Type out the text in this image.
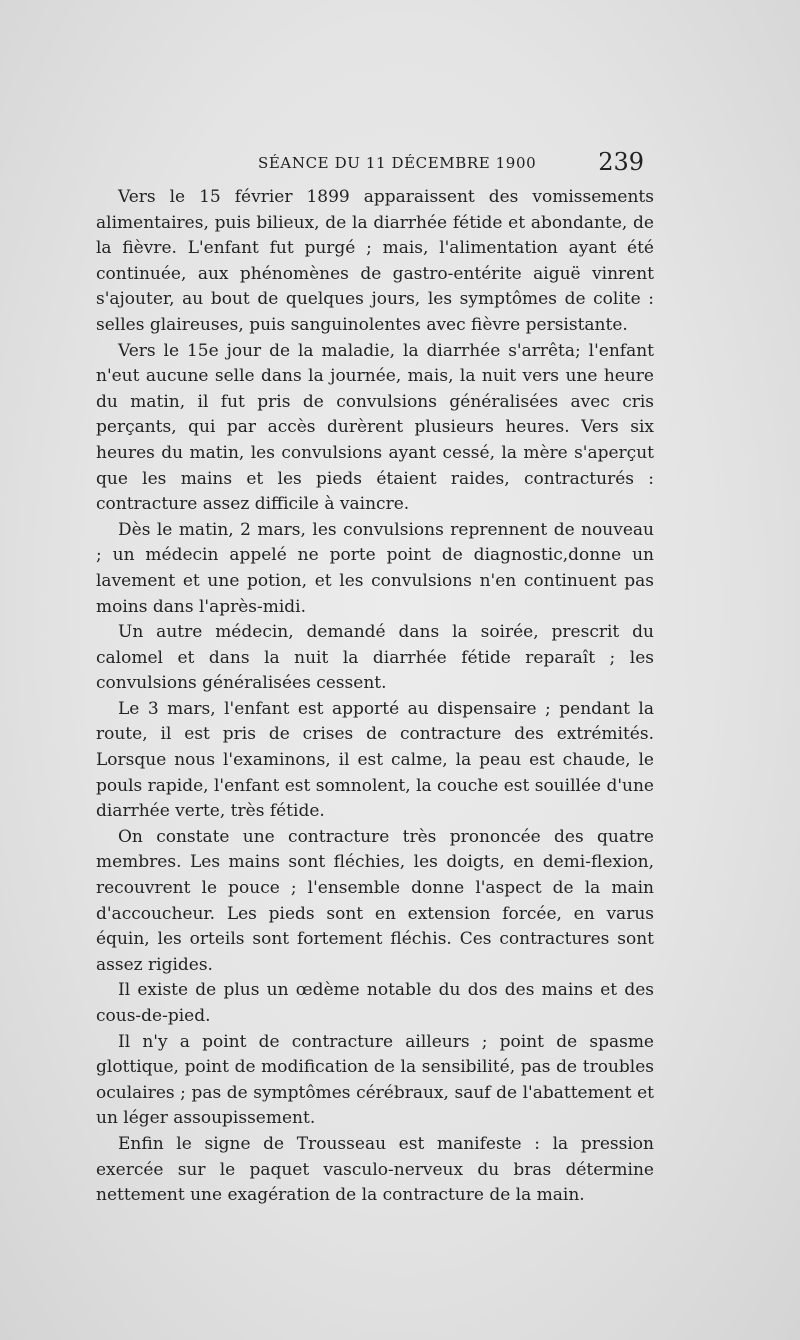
SÉANCE DU 11 DÉCEMBRE 1900	239

Vers le 15 février 1899 apparaissent des vomissements alimentaires, puis bilieux, de la diarrhée fétide et abondante, de la fièvre. L'enfant fut purgé ; mais, l'alimentation ayant été continuée, aux phénomènes de gastro-entérite aiguë vinrent s'ajouter, au bout de quelques jours, les symptômes de colite : selles glaireuses, puis sanguinolentes avec fièvre persistante.

Vers le 15e jour de la maladie, la diarrhée s'arrêta; l'enfant n'eut aucune selle dans la journée, mais, la nuit vers une heure du matin, il fut pris de convulsions généralisées avec cris perçants, qui par accès durèrent plusieurs heures. Vers six heures du matin, les convulsions ayant cessé, la mère s'aperçut que les mains et les pieds étaient raides, contracturés : contracture assez difficile à vaincre.

Dès le matin, 2 mars, les convulsions reprennent de nouveau ; un médecin appelé ne porte point de diagnostic,donne un lavement et une potion, et les convulsions n'en continuent pas moins dans l'après-midi.

Un autre médecin, demandé dans la soirée, prescrit du calomel et dans la nuit la diarrhée fétide reparaît ; les convulsions généralisées cessent.

Le 3 mars, l'enfant est apporté au dispensaire ; pendant la route, il est pris de crises de contracture des extrémités. Lorsque nous l'examinons, il est calme, la peau est chaude, le pouls rapide, l'enfant est somnolent, la couche est souillée d'une diarrhée verte, très fétide.

On constate une contracture très prononcée des quatre membres. Les mains sont fléchies, les doigts, en demi-flexion, recouvrent le pouce ; l'ensemble donne l'aspect de la main d'accoucheur. Les pieds sont en extension forcée, en varus équin, les orteils sont fortement fléchis. Ces contractures sont assez rigides.

Il existe de plus un œdème notable du dos des mains et des cous-de-pied.

Il n'y a point de contracture ailleurs ; point de spasme glottique, point de modification de la sensibilité, pas de troubles oculaires ; pas de symptômes cérébraux, sauf de l'abattement et un léger assoupissement.

Enfin le signe de Trousseau est manifeste : la pression exercée sur le paquet vasculo-nerveux du bras détermine nettement une exagération de la contracture de la main.
